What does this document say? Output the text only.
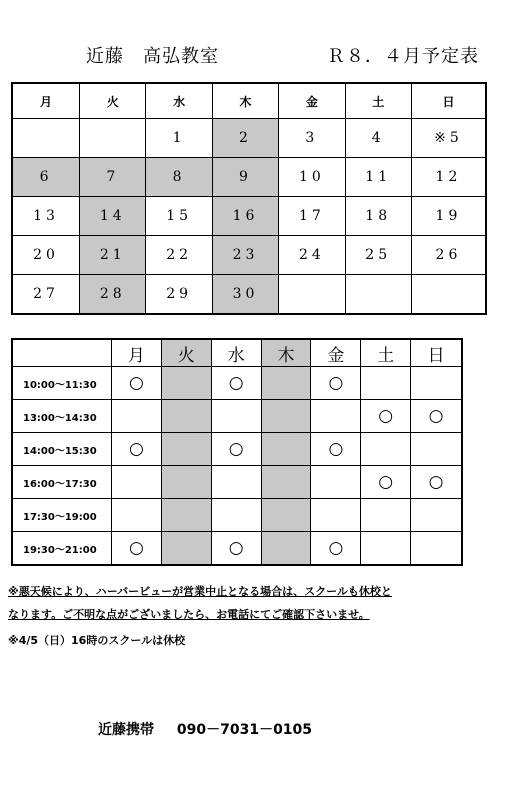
近藤　高弘教室	Ｒ８．４月予定表
月	火	水	木	金	土	日
		1	2	3	4	※5
6	7	8	9	10	11	12
13	14	15	16	17	18	19
20	21	22	23	24	25	26
27	28	29	30			
	月	火	水	木	金	土	日
10:00〜11:30	○		○		○		
13:00〜14:30						○	○
14:00〜15:30	○		○		○		
16:00〜17:30						○	○
17:30〜19:00							
19:30〜21:00	○		○		○		
※悪天候により、ハーバービューが営業中止となる場合は、スクールも休校と
なります。ご不明な点がございましたら、お電話にてご確認下さいませ。
※4/5（日）16時のスクールは休校
近藤携帯 090－7031－0105
